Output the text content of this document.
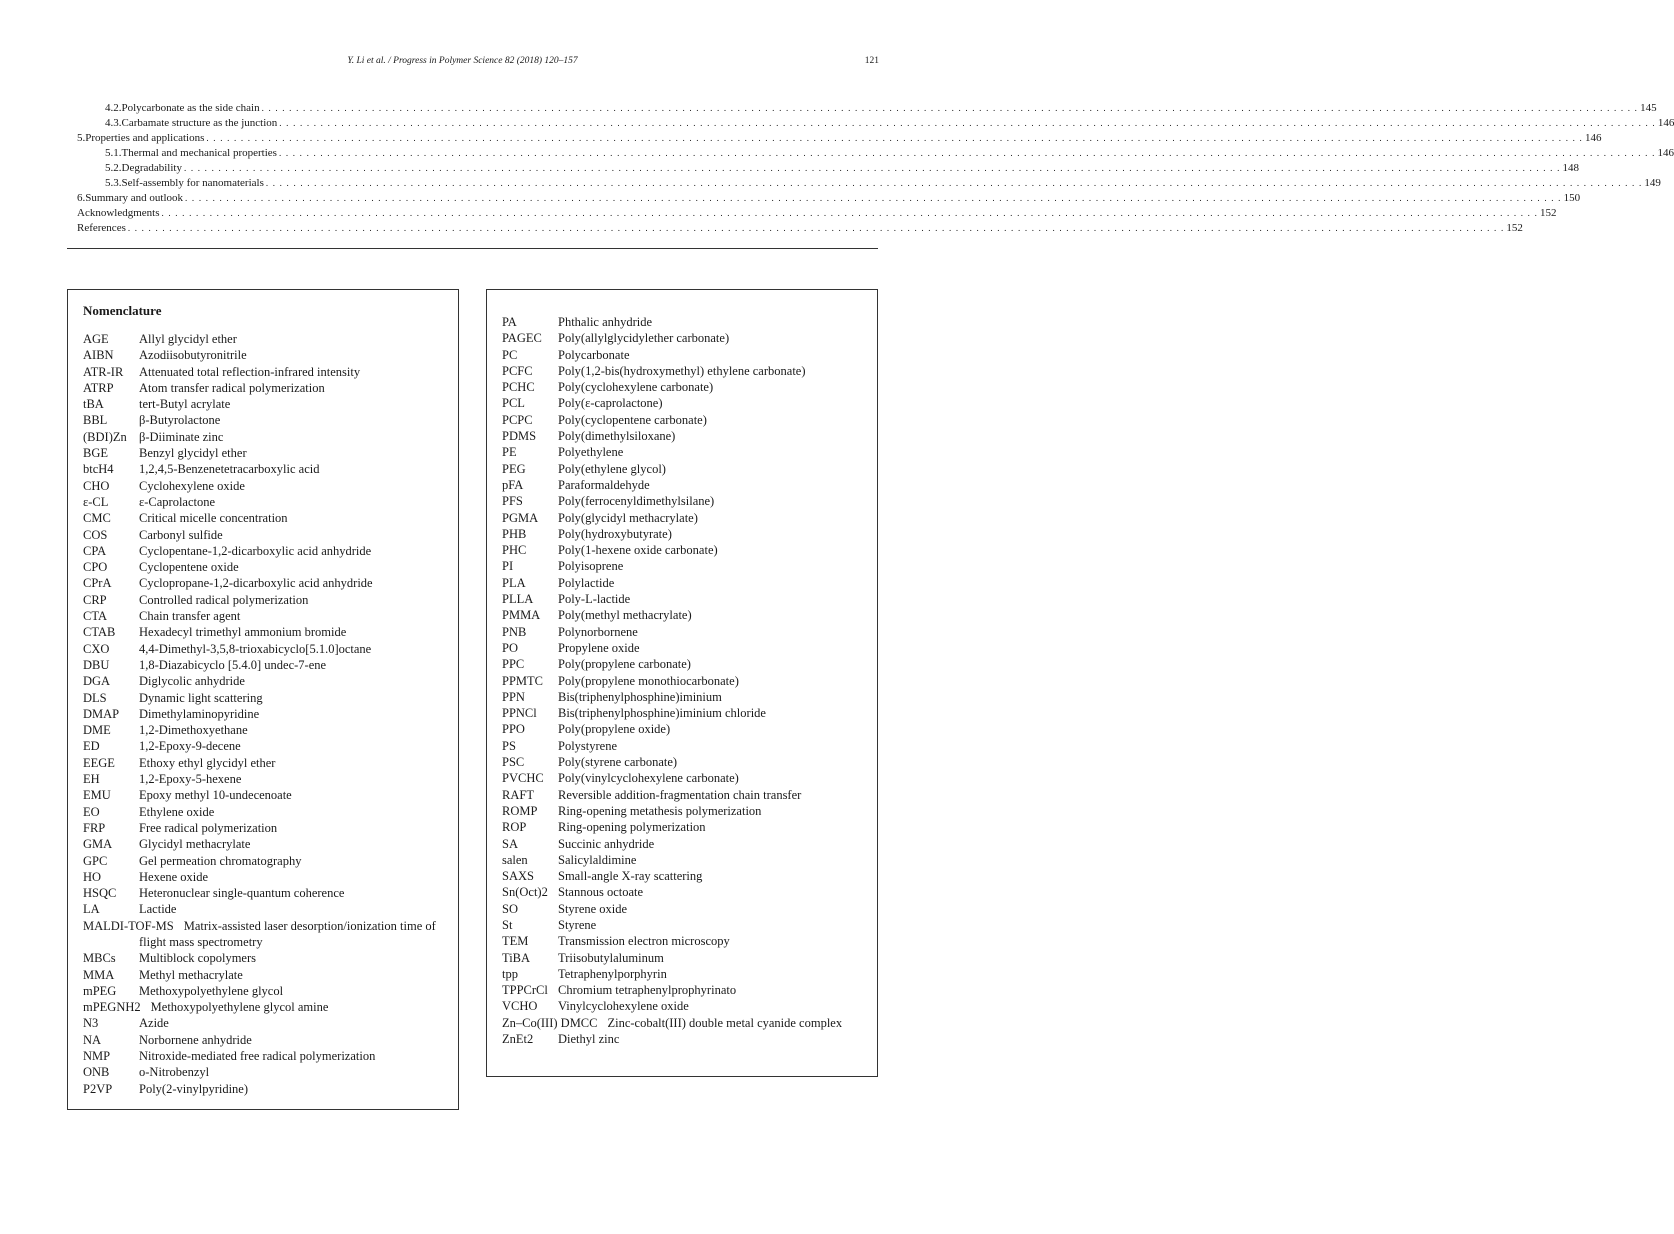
Y. Li et al. / Progress in Polymer Science 82 (2018) 120–157	121
4.2. Polycarbonate as the side chain . . . . . . . . . . . . . . . . . . . . . . . . . . . . . . . . . . . . . . . . . . . . . . . . . . . . . . . . . . . . . . . . . . . . . . . . . . . . . . . . . . . . . . . . . . . . . . . . . . . . . . . . . . . . . . . . . . . . . . . . . . . . . . . . . . . . . . . . . . . . . . . . . . . . . . . . . . . . . . . . . . . . . . . . . . . . . . . . . . . . . . . . . . . . . . . . . . . . . . . . 145
4.3. Carbamate structure as the junction . . . . . . . . . . . . . . . . . . . . . . . . . . . . . . . . . . . . . . . . . . . . . . . . . . . . . . . . . . . . . . . . . . . . . . . . . . . . . . . . . . . . . . . . . . . . . . . . . . . . . . . . . . . . . . . . . . . . . . . . . . . . . . . . . . . . . . . . . . . . . . . . . . . . . . . . . . . . . . . . . . . . . . . . . . . . . . . . . . . . . . . . . . . . . . . . . . . . . . . . 146
5. Properties and applications . . . . . . . . . . . . . . . . . . . . . . . . . . . . . . . . . . . . . . . . . . . . . . . . . . . . . . . . . . . . . . . . . . . . . . . . . . . . . . . . . . . . . . . . . . . . . . . . . . . . . . . . . . . . . . . . . . . . . . . . . . . . . . . . . . . . . . . . . . . . . . . . . . . . . . . . . . . . . . . . . . . . . . . . . . . . . . . . . . . . . . . . . . . . . . . . . . . . . . . . 146
5.1. Thermal and mechanical properties . . . . . . . . . . . . . . . . . . . . . . . . . . . . . . . . . . . . . . . . . . . . . . . . . . . . . . . . . . . . . . . . . . . . . . . . . . . . . . . . . . . . . . . . . . . . . . . . . . . . . . . . . . . . . . . . . . . . . . . . . . . . . . . . . . . . . . . . . . . . . . . . . . . . . . . . . . . . . . . . . . . . . . . . . . . . . . . . . . . . . . . . . . . . . . . . . . . . . . . . 146
5.2. Degradability . . . . . . . . . . . . . . . . . . . . . . . . . . . . . . . . . . . . . . . . . . . . . . . . . . . . . . . . . . . . . . . . . . . . . . . . . . . . . . . . . . . . . . . . . . . . . . . . . . . . . . . . . . . . . . . . . . . . . . . . . . . . . . . . . . . . . . . . . . . . . . . . . . . . . . . . . . . . . . . . . . . . . . . . . . . . . . . . . . . . . . . . . . . . . . . . . . . . . . . . 148
5.3. Self-assembly for nanomaterials . . . . . . . . . . . . . . . . . . . . . . . . . . . . . . . . . . . . . . . . . . . . . . . . . . . . . . . . . . . . . . . . . . . . . . . . . . . . . . . . . . . . . . . . . . . . . . . . . . . . . . . . . . . . . . . . . . . . . . . . . . . . . . . . . . . . . . . . . . . . . . . . . . . . . . . . . . . . . . . . . . . . . . . . . . . . . . . . . . . . . . . . . . . . . . . . . . . . . . . . 149
6. Summary and outlook . . . . . . . . . . . . . . . . . . . . . . . . . . . . . . . . . . . . . . . . . . . . . . . . . . . . . . . . . . . . . . . . . . . . . . . . . . . . . . . . . . . . . . . . . . . . . . . . . . . . . . . . . . . . . . . . . . . . . . . . . . . . . . . . . . . . . . . . . . . . . . . . . . . . . . . . . . . . . . . . . . . . . . . . . . . . . . . . . . . . . . . . . . . . . . . . . . . . . . . . 150
Acknowledgments . . . . . . . . . . . . . . . . . . . . . . . . . . . . . . . . . . . . . . . . . . . . . . . . . . . . . . . . . . . . . . . . . . . . . . . . . . . . . . . . . . . . . . . . . . . . . . . . . . . . . . . . . . . . . . . . . . . . . . . . . . . . . . . . . . . . . . . . . . . . . . . . . . . . . . . . . . . . . . . . . . . . . . . . . . . . . . . . . . . . . . . . . . . . . . . . . . . . . . . . 152
References . . . . . . . . . . . . . . . . . . . . . . . . . . . . . . . . . . . . . . . . . . . . . . . . . . . . . . . . . . . . . . . . . . . . . . . . . . . . . . . . . . . . . . . . . . . . . . . . . . . . . . . . . . . . . . . . . . . . . . . . . . . . . . . . . . . . . . . . . . . . . . . . . . . . . . . . . . . . . . . . . . . . . . . . . . . . . . . . . . . . . . . . . . . . . . . . . . . . . . . . 152
Nomenclature
AGE	Allyl glycidyl ether
AIBN	Azodiisobutyronitrile
ATR-IR	Attenuated total reflection-infrared intensity
ATRP	Atom transfer radical polymerization
tBA	tert-Butyl acrylate
BBL	β-Butyrolactone
(BDI)Zn β-Diiminate zinc
BGE	Benzyl glycidyl ether
btcH4	1,2,4,5-Benzenetetracarboxylic acid
CHO	Cyclohexylene oxide
ε-CL	ε-Caprolactone
CMC	Critical micelle concentration
COS	Carbonyl sulfide
CPA	Cyclopentane-1,2-dicarboxylic acid anhydride
CPO	Cyclopentene oxide
CPrA	Cyclopropane-1,2-dicarboxylic acid anhydride
CRP	Controlled radical polymerization
CTA	Chain transfer agent
CTAB	Hexadecyl trimethyl ammonium bromide
CXO	4,4-Dimethyl-3,5,8-trioxabicyclo[5.1.0]octane
DBU	1,8-Diazabicyclo [5.4.0] undec-7-ene
DGA	Diglycolic anhydride
DLS	Dynamic light scattering
DMAP	Dimethylaminopyridine
DME	1,2-Dimethoxyethane
ED	1,2-Epoxy-9-decene
EEGE	Ethoxy ethyl glycidyl ether
EH	1,2-Epoxy-5-hexene
EMU	Epoxy methyl 10-undecenoate
EO	Ethylene oxide
FRP	Free radical polymerization
GMA	Glycidyl methacrylate
GPC	Gel permeation chromatography
HO	Hexene oxide
HSQC	Heteronuclear single-quantum coherence
LA	Lactide
MALDI-TOF-MS Matrix-assisted laser desorption/ionization time of flight mass spectrometry
MBCs	Multiblock copolymers
MMA	Methyl methacrylate
mPEG	Methoxypolyethylene glycol
mPEGNH2 Methoxypolyethylene glycol amine
N3	Azide
NA	Norbornene anhydride
NMP	Nitroxide-mediated free radical polymerization
ONB	o-Nitrobenzyl
P2VP	Poly(2-vinylpyridine)
PA	Phthalic anhydride
PAGEC	Poly(allylglycidylether carbonate)
PC	Polycarbonate
PCFC	Poly(1,2-bis(hydroxymethyl) ethylene carbonate)
PCHC	Poly(cyclohexylene carbonate)
PCL	Poly(ε-caprolactone)
PCPC	Poly(cyclopentene carbonate)
PDMS	Poly(dimethylsiloxane)
PE	Polyethylene
PEG	Poly(ethylene glycol)
pFA	Paraformaldehyde
PFS	Poly(ferrocenyldimethylsilane)
PGMA	Poly(glycidyl methacrylate)
PHB	Poly(hydroxybutyrate)
PHC	Poly(1-hexene oxide carbonate)
PI	Polyisoprene
PLA	Polylactide
PLLA	Poly-L-lactide
PMMA	Poly(methyl methacrylate)
PNB	Polynorbornene
PO	Propylene oxide
PPC	Poly(propylene carbonate)
PPMTC	Poly(propylene monothiocarbonate)
PPN	Bis(triphenylphosphine)iminium
PPNCl	Bis(triphenylphosphine)iminium chloride
PPO	Poly(propylene oxide)
PS	Polystyrene
PSC	Poly(styrene carbonate)
PVCHC	Poly(vinylcyclohexylene carbonate)
RAFT	Reversible addition-fragmentation chain transfer
ROMP	Ring-opening metathesis polymerization
ROP	Ring-opening polymerization
SA	Succinic anhydride
salen	Salicylaldimine
SAXS	Small-angle X-ray scattering
Sn(Oct)2 Stannous octoate
SO	Styrene oxide
St	Styrene
TEM	Transmission electron microscopy
TiBA	Triisobutylaluminum
tpp	Tetraphenylporphyrin
TPPCrCl Chromium tetraphenylprophyrinato
VCHO	Vinylcyclohexylene oxide
Zn–Co(III) DMCC Zinc-cobalt(III) double metal cyanide complex
ZnEt2	Diethyl zinc
